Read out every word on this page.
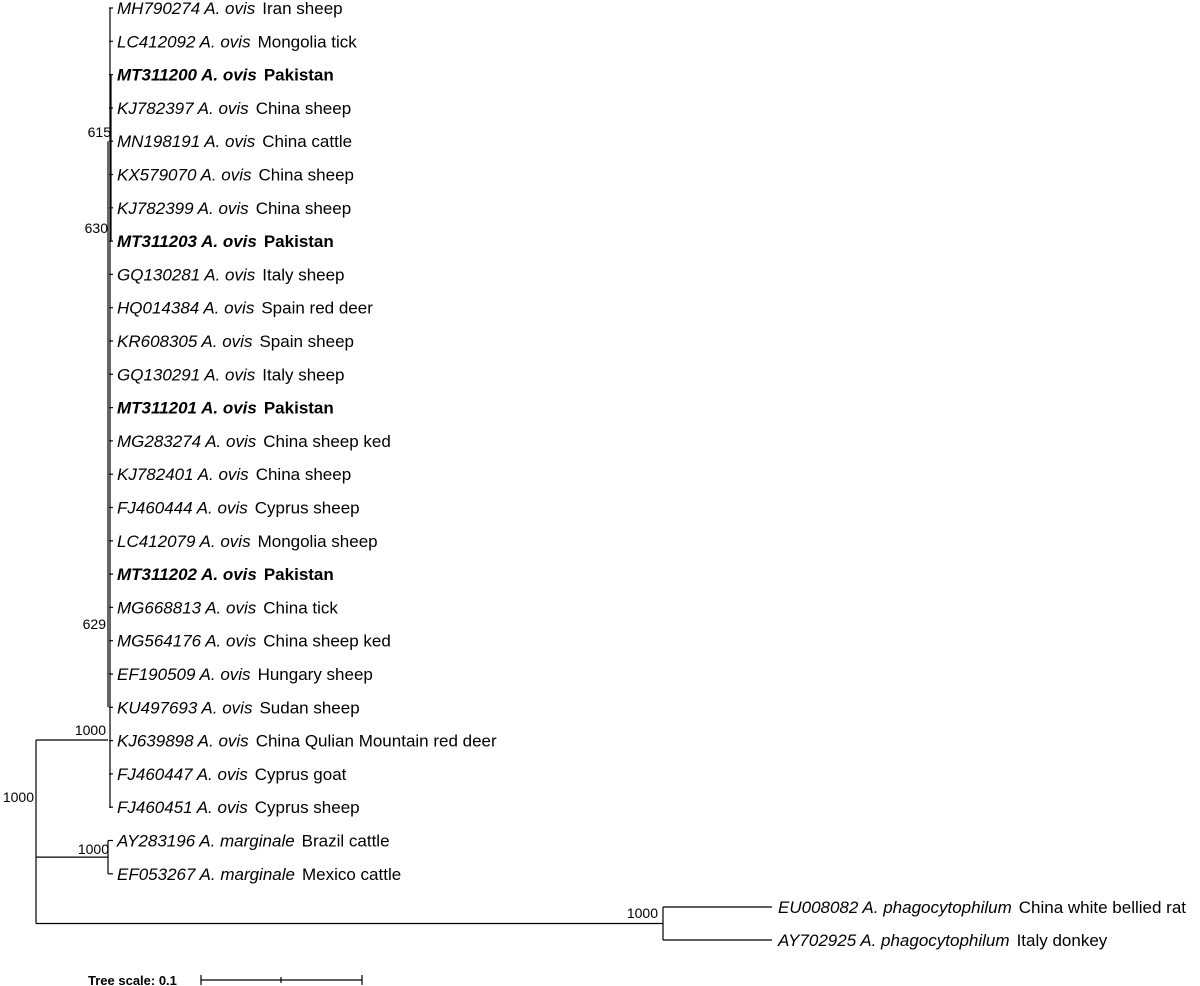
MH790274 A. ovis Iran sheep
LC412092 A. ovis Mongolia tick
MT311200 A. ovis Pakistan
KJ782397 A. ovis China sheep
MN198191 A. ovis China cattle
KX579070 A. ovis China sheep
KJ782399 A. ovis China sheep
MT311203 A. ovis Pakistan
GQ130281 A. ovis Italy sheep
HQ014384 A. ovis Spain red deer
KR608305 A. ovis Spain sheep
GQ130291 A. ovis Italy sheep
MT311201 A. ovis Pakistan
MG283274 A. ovis China sheep ked
KJ782401 A. ovis China sheep
FJ460444 A. ovis Cyprus sheep
LC412079 A. ovis Mongolia sheep
MT311202 A. ovis Pakistan
MG668813 A. ovis China tick
MG564176 A. ovis China sheep ked
EF190509 A. ovis Hungary sheep
KU497693 A. ovis Sudan sheep
KJ639898 A. ovis China Qulian Mountain red deer
FJ460447 A. ovis Cyprus goat
FJ460451 A. ovis Cyprus sheep
AY283196 A. marginale Brazil cattle
EF053267 A. marginale Mexico cattle
EU008082 A. phagocytophilum China white bellied rat
AY702925 A. phagocytophilum Italy donkey
615
630
629
1000
1000
1000
1000
Tree scale: 0.1
